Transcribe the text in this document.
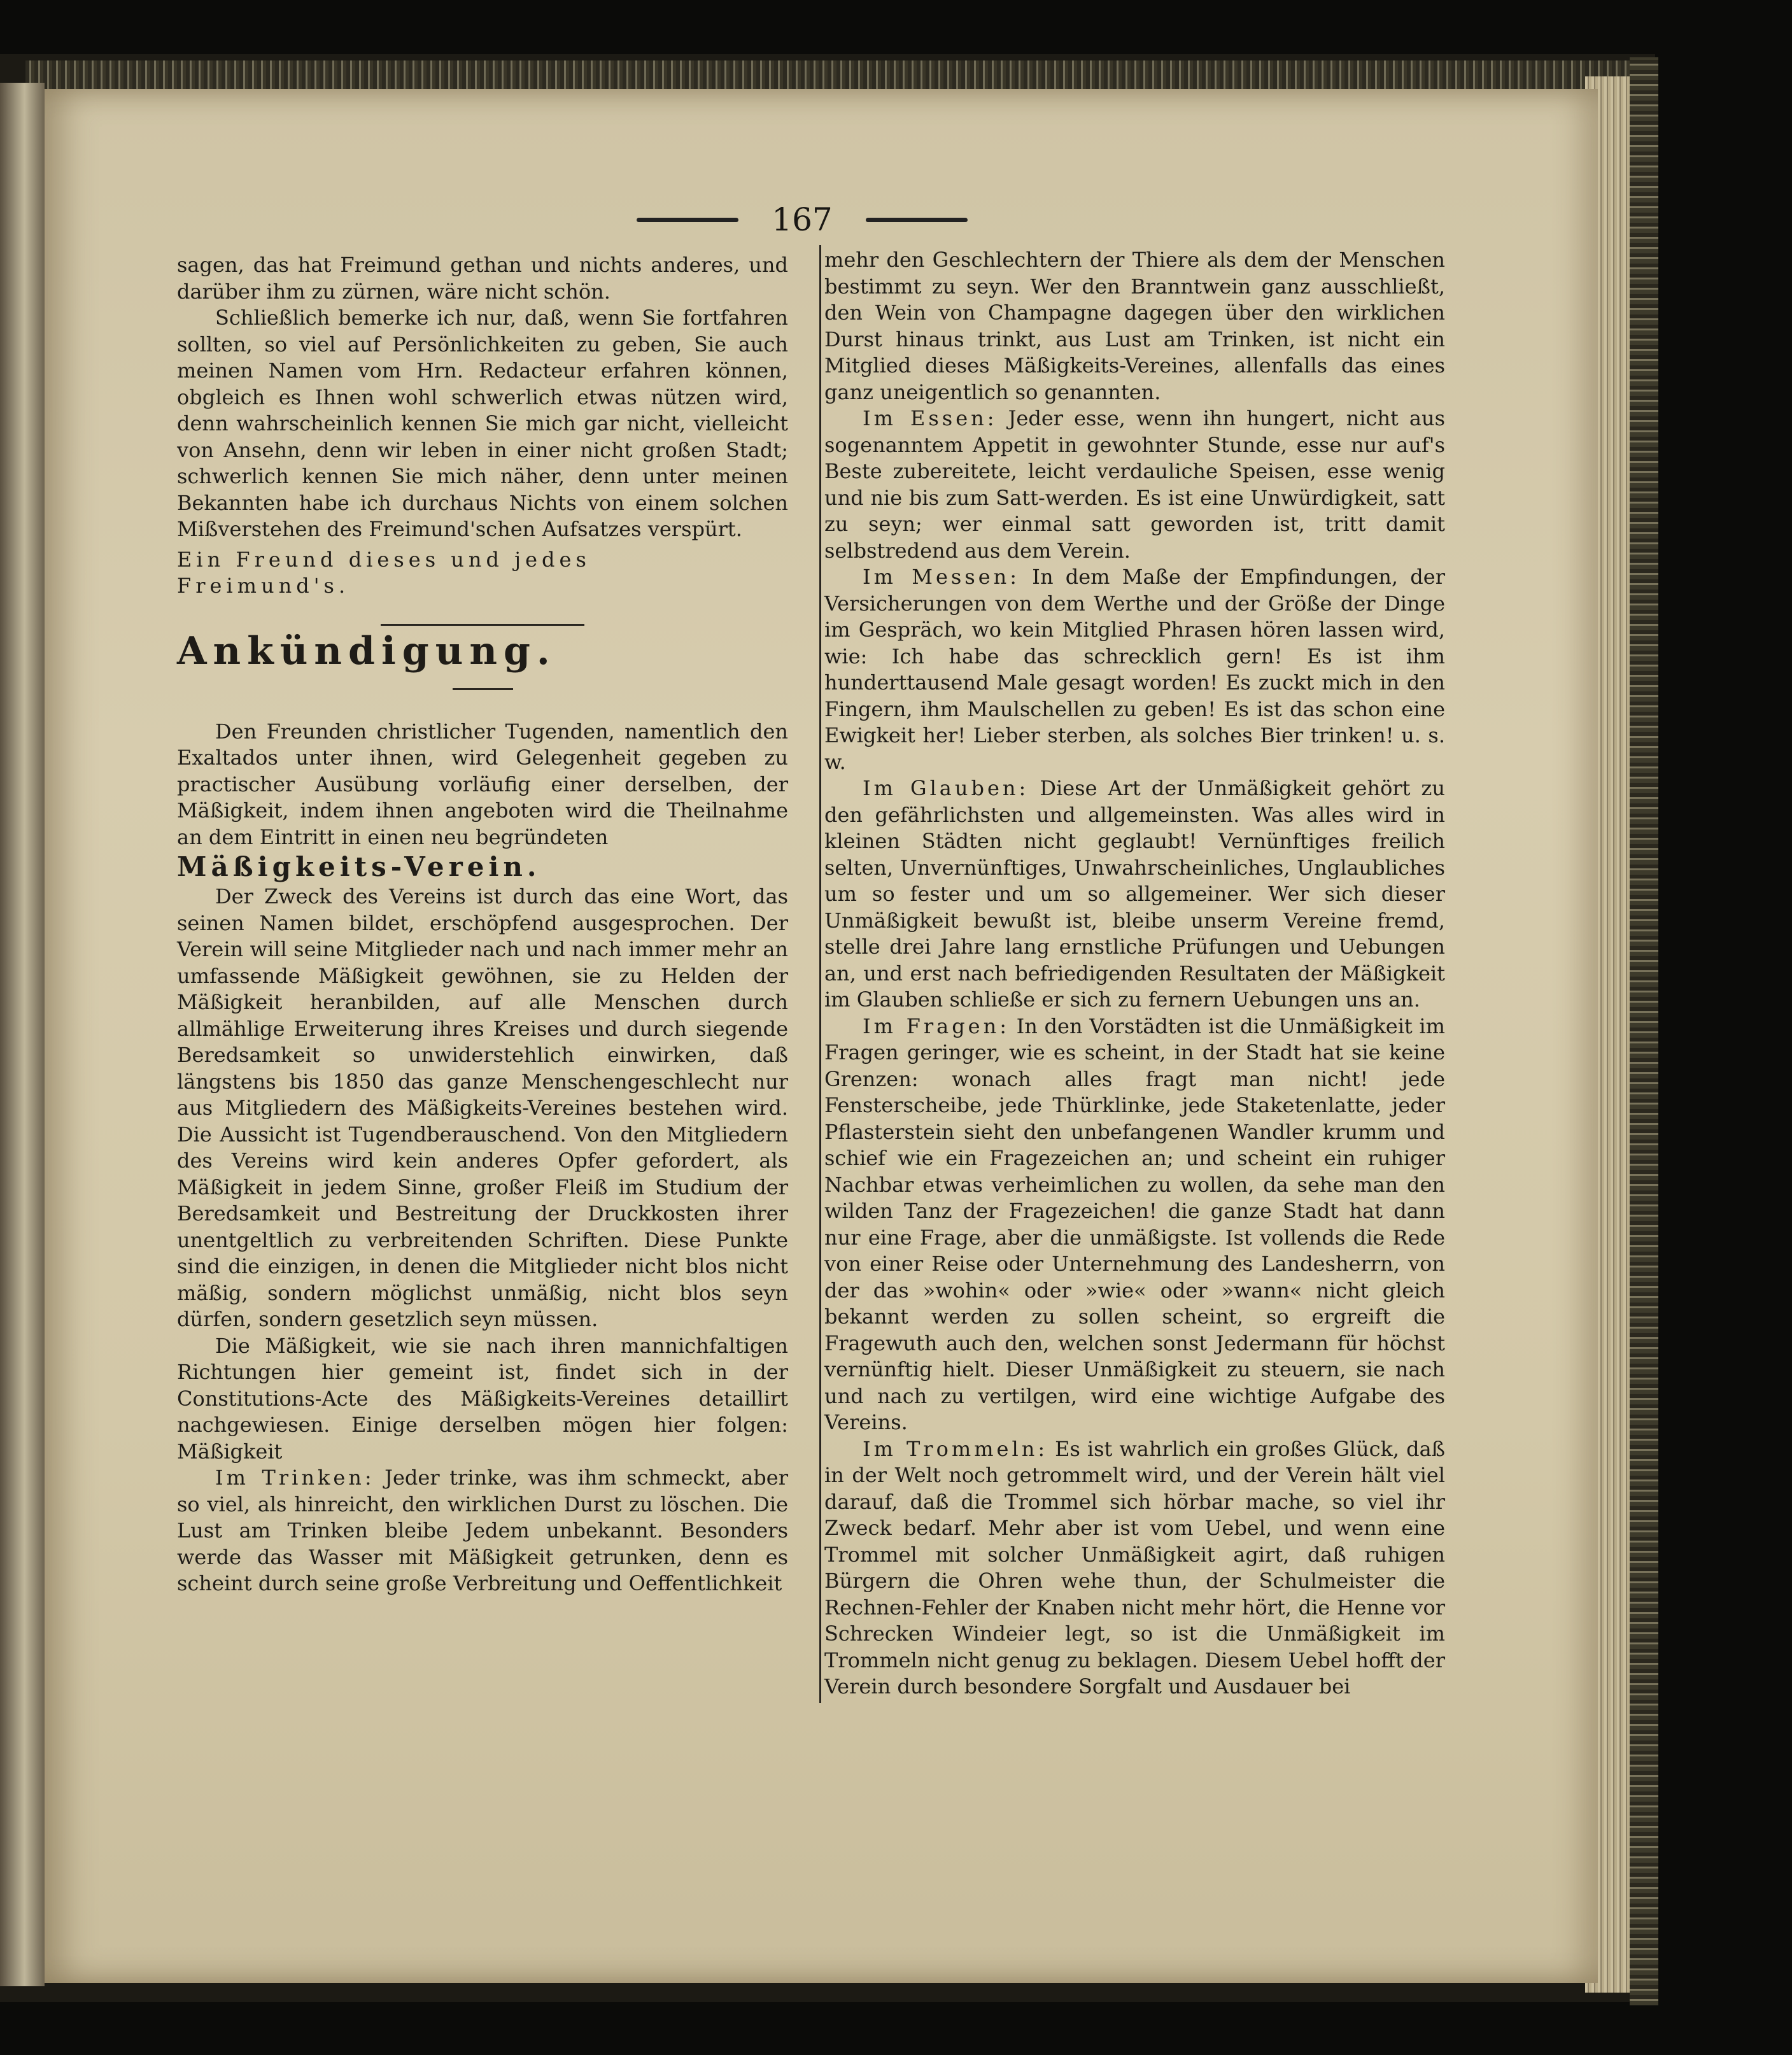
167

sagen, das hat Freimund gethan und nichts anderes, und darüber ihm zu zürnen, wäre nicht schön.

Schließlich bemerke ich nur, daß, wenn Sie fortfahren sollten, so viel auf Persönlichkeiten zu geben, Sie auch meinen Namen vom Hrn. Redacteur erfahren können, obgleich es Ihnen wohl schwerlich etwas nützen wird, denn wahrscheinlich kennen Sie mich gar nicht, vielleicht von Ansehn, denn wir leben in einer nicht großen Stadt; schwerlich kennen Sie mich näher, denn unter meinen Bekannten habe ich durchaus Nichts von einem solchen Mißverstehen des Freimund'schen Aufsatzes verspürt.

Ein Freund dieses und jedes

Freimund's.

Ankündigung.

Den Freunden christlicher Tugenden, namentlich den Exaltados unter ihnen, wird Gelegenheit gegeben zu practischer Ausübung vorläufig einer derselben, der Mäßigkeit, indem ihnen angeboten wird die Theilnahme an dem Eintritt in einen neu begründeten

Mäßigkeits-Verein.

Der Zweck des Vereins ist durch das eine Wort, das seinen Namen bildet, erschöpfend ausgesprochen. Der Verein will seine Mitglieder nach und nach immer mehr an umfassende Mäßigkeit gewöhnen, sie zu Helden der Mäßigkeit heranbilden, auf alle Menschen durch allmählige Erweiterung ihres Kreises und durch siegende Beredsamkeit so unwiderstehlich einwirken, daß längstens bis 1850 das ganze Menschengeschlecht nur aus Mitgliedern des Mäßigkeits-Vereines bestehen wird. Die Aussicht ist Tugendberauschend. Von den Mitgliedern des Vereins wird kein anderes Opfer gefordert, als Mäßigkeit in jedem Sinne, großer Fleiß im Studium der Beredsamkeit und Bestreitung der Druckkosten ihrer unentgeltlich zu verbreitenden Schriften. Diese Punkte sind die einzigen, in denen die Mitglieder nicht blos nicht mäßig, sondern möglichst unmäßig, nicht blos seyn dürfen, sondern gesetzlich seyn müssen.

Die Mäßigkeit, wie sie nach ihren mannichfaltigen Richtungen hier gemeint ist, findet sich in der Constitutions-Acte des Mäßigkeits-Vereines detaillirt nachgewiesen. Einige derselben mögen hier folgen: Mäßigkeit

Im Trinken: Jeder trinke, was ihm schmeckt, aber so viel, als hinreicht, den wirklichen Durst zu löschen. Die Lust am Trinken bleibe Jedem unbekannt. Besonders werde das Wasser mit Mäßigkeit getrunken, denn es scheint durch seine große Verbreitung und Oeffentlichkeit

mehr den Geschlechtern der Thiere als dem der Menschen bestimmt zu seyn. Wer den Branntwein ganz ausschließt, den Wein von Champagne dagegen über den wirklichen Durst hinaus trinkt, aus Lust am Trinken, ist nicht ein Mitglied dieses Mäßigkeits-Vereines, allenfalls das eines ganz uneigentlich so genannten.

Im Essen: Jeder esse, wenn ihn hungert, nicht aus sogenanntem Appetit in gewohnter Stunde, esse nur auf's Beste zubereitete, leicht verdauliche Speisen, esse wenig und nie bis zum Satt-werden. Es ist eine Unwürdigkeit, satt zu seyn; wer einmal satt geworden ist, tritt damit selbstredend aus dem Verein.

Im Messen: In dem Maße der Empfindungen, der Versicherungen von dem Werthe und der Größe der Dinge im Gespräch, wo kein Mitglied Phrasen hören lassen wird, wie: Ich habe das schrecklich gern! Es ist ihm hunderttausend Male gesagt worden! Es zuckt mich in den Fingern, ihm Maulschellen zu geben! Es ist das schon eine Ewigkeit her! Lieber sterben, als solches Bier trinken! u. s. w.

Im Glauben: Diese Art der Unmäßigkeit gehört zu den gefährlichsten und allgemeinsten. Was alles wird in kleinen Städten nicht geglaubt! Vernünftiges freilich selten, Unvernünftiges, Unwahrscheinliches, Unglaubliches um so fester und um so allgemeiner. Wer sich dieser Unmäßigkeit bewußt ist, bleibe unserm Vereine fremd, stelle drei Jahre lang ernstliche Prüfungen und Uebungen an, und erst nach befriedigenden Resultaten der Mäßigkeit im Glauben schließe er sich zu fernern Uebungen uns an.

Im Fragen: In den Vorstädten ist die Unmäßigkeit im Fragen geringer, wie es scheint, in der Stadt hat sie keine Grenzen: wonach alles fragt man nicht! jede Fensterscheibe, jede Thürklinke, jede Staketenlatte, jeder Pflasterstein sieht den unbefangenen Wandler krumm und schief wie ein Fragezeichen an; und scheint ein ruhiger Nachbar etwas verheimlichen zu wollen, da sehe man den wilden Tanz der Fragezeichen! die ganze Stadt hat dann nur eine Frage, aber die unmäßigste. Ist vollends die Rede von einer Reise oder Unternehmung des Landesherrn, von der das »wohin« oder »wie« oder »wann« nicht gleich bekannt werden zu sollen scheint, so ergreift die Fragewuth auch den, welchen sonst Jedermann für höchst vernünftig hielt. Dieser Unmäßigkeit zu steuern, sie nach und nach zu vertilgen, wird eine wichtige Aufgabe des Vereins.

Im Trommeln: Es ist wahrlich ein großes Glück, daß in der Welt noch getrommelt wird, und der Verein hält viel darauf, daß die Trommel sich hörbar mache, so viel ihr Zweck bedarf. Mehr aber ist vom Uebel, und wenn eine Trommel mit solcher Unmäßigkeit agirt, daß ruhigen Bürgern die Ohren wehe thun, der Schulmeister die Rechnen-Fehler der Knaben nicht mehr hört, die Henne vor Schrecken Windeier legt, so ist die Unmäßigkeit im Trommeln nicht genug zu beklagen. Diesem Uebel hofft der Verein durch besondere Sorgfalt und Ausdauer bei
